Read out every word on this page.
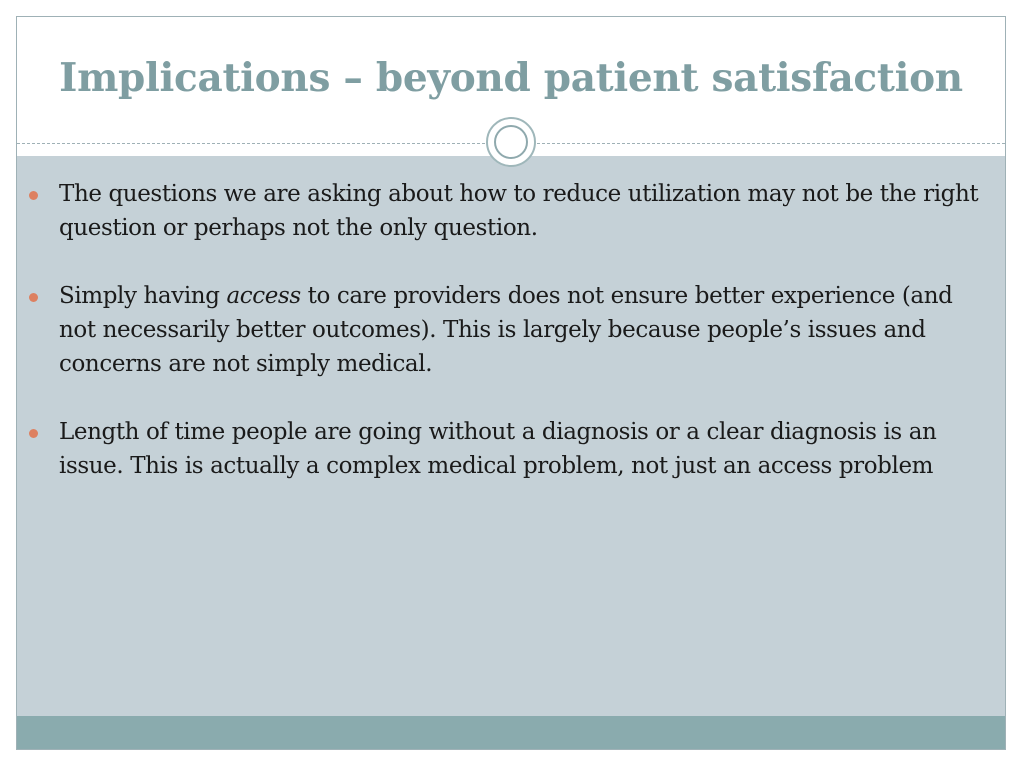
Implications – beyond patient satisfaction
The questions we are asking about how to reduce utilization may not be the right question or perhaps not the only question.
Simply having access to care providers does not ensure better experience (and not necessarily better outcomes). This is largely because people’s issues and concerns are not simply medical.
Length of time people are going without a diagnosis or a clear diagnosis is an issue. This is actually a complex medical problem, not just an access problem
